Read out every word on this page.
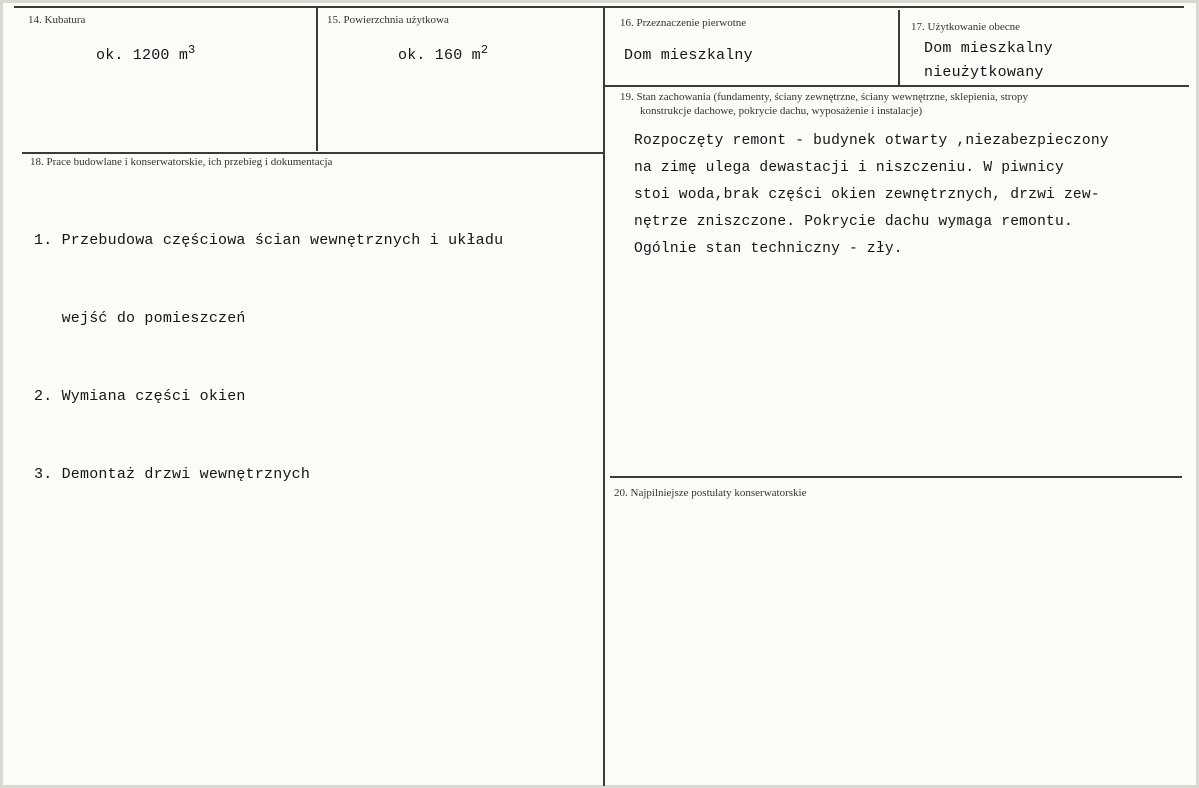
14. Kubatura
ok. 1200 $m^3$
15. Powierzchnia użytkowa
ok. 160 $m^2$
16. Przeznaczenie pierwotne
Dom mieszkalny
17. Użytkowanie obecne
Dom mieszkalny
nieużytkowany
18. Prace budowlane i konserwatorskie, ich przebieg i dokumentacja

1. Przebudowa częściowa ścian wewnętrznych i układu

wejść do pomieszczeń

2. Wymiana części okien

3. Demontaż drzwi wewnętrznych

19. Stan zachowania (fundamenty, ściany zewnętrzne, ściany wewnętrzne, sklepienia, stropy
konstrukcje dachowe, pokrycie dachu, wyposażenie i instalacje)
Rozpoczęty remont - budynek otwarty ,niezabezpieczony
na zimę ulega dewastacji i niszczeniu. W piwnicy
stoi woda,brak części okien zewnętrznych, drzwi zew-
nętrze zniszczone. Pokrycie dachu wymaga remontu.
Ogólnie stan techniczny - zły.
20. Najpilniejsze postulaty konserwatorskie
